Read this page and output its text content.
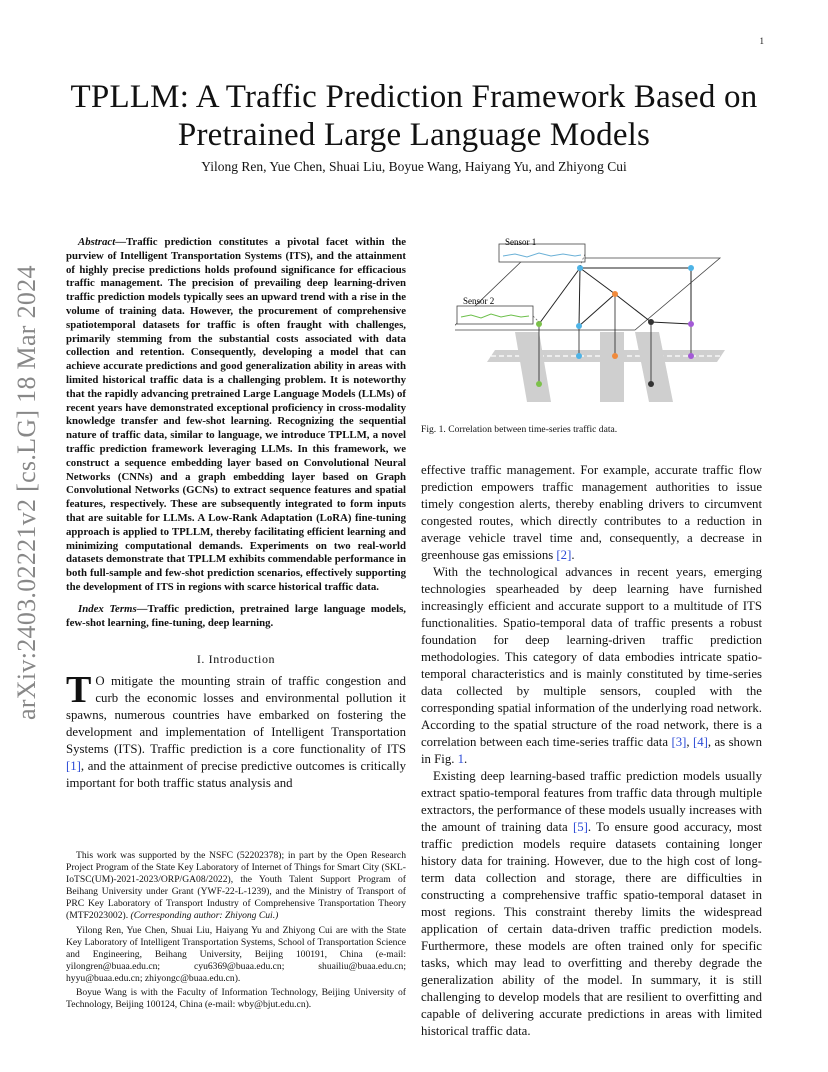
1
arXiv:2403.02221v2 [cs.LG] 18 Mar 2024
TPLLM: A Traffic Prediction Framework Based on Pretrained Large Language Models
Yilong Ren, Yue Chen, Shuai Liu, Boyue Wang, Haiyang Yu, and Zhiyong Cui

Abstract—Traffic prediction constitutes a pivotal facet within the purview of Intelligent Transportation Systems (ITS), and the attainment of highly precise predictions holds profound significance for efficacious traffic management. The precision of prevailing deep learning-driven traffic prediction models typically sees an upward trend with a rise in the volume of training data. However, the procurement of comprehensive spatiotemporal datasets for traffic is often fraught with challenges, primarily stemming from the substantial costs associated with data collection and retention. Consequently, developing a model that can achieve accurate predictions and good generalization ability in areas with limited historical traffic data is a challenging problem. It is noteworthy that the rapidly advancing pretrained Large Language Models (LLMs) of recent years have demonstrated exceptional proficiency in cross-modality knowledge transfer and few-shot learning. Recognizing the sequential nature of traffic data, similar to language, we introduce TPLLM, a novel traffic prediction framework leveraging LLMs. In this framework, we construct a sequence embedding layer based on Convolutional Neural Networks (CNNs) and a graph embedding layer based on Graph Convolutional Networks (GCNs) to extract sequence features and spatial features, respectively. These are subsequently integrated to form inputs that are suitable for LLMs. A Low-Rank Adaptation (LoRA) fine-tuning approach is applied to TPLLM, thereby facilitating efficient learning and minimizing computational demands. Experiments on two real-world datasets demonstrate that TPLLM exhibits commendable performance in both full-sample and few-shot prediction scenarios, effectively supporting the development of ITS in regions with scarce historical traffic data.

Index Terms—Traffic prediction, pretrained large language models, few-shot learning, fine-tuning, deep learning.

I. Introduction

T O mitigate the mounting strain of traffic congestion and curb the economic losses and environmental pollution it spawns, numerous countries have embarked on fostering the development and implementation of Intelligent Transportation Systems (ITS). Traffic prediction is a core functionality of ITS [1], and the attainment of precise predictive outcomes is critically important for both traffic status analysis and

This work was supported by the NSFC (52202378); in part by the Open Research Project Program of the State Key Laboratory of Internet of Things for Smart City (SKL-IoTSC(UM)-2021-2023/ORP/GA08/2022), the Youth Talent Support Program of Beihang University under Grant (YWF-22-L-1239), and the Ministry of Transport of PRC Key Laboratory of Transport Industry of Comprehensive Transportation Theory (MTF2023002). (Corresponding author: Zhiyong Cui.)

Yilong Ren, Yue Chen, Shuai Liu, Haiyang Yu and Zhiyong Cui are with the State Key Laboratory of Intelligent Transportation Systems, School of Transportation Science and Engineering, Beihang University, Beijing 100191, China (e-mail: yilongren@buaa.edu.cn; cyu6369@buaa.edu.cn; shuailiu@buaa.edu.cn; hyyu@buaa.edu.cn; zhiyongc@buaa.edu.cn).

Boyue Wang is with the Faculty of Information Technology, Beijing University of Technology, Beijing 100124, China (e-mail: wby@bjut.edu.cn).

Sensor 1
Sensor 2
Fig. 1. Correlation between time-series traffic data.

effective traffic management. For example, accurate traffic flow prediction empowers traffic management authorities to issue timely congestion alerts, thereby enabling drivers to circumvent congested routes, which directly contributes to a reduction in average vehicle travel time and, consequently, a decrease in greenhouse gas emissions [2].

With the technological advances in recent years, emerging technologies spearheaded by deep learning have furnished increasingly efficient and accurate support to a multitude of ITS functionalities. Spatio-temporal data of traffic presents a robust foundation for deep learning-driven traffic prediction methodologies. This category of data embodies intricate spatio-temporal characteristics and is mainly constituted by time-series data collected by multiple sensors, coupled with the corresponding spatial information of the underlying road network. According to the spatial structure of the road network, there is a correlation between each time-series traffic data [3], [4], as shown in Fig. 1.

Existing deep learning-based traffic prediction models usually extract spatio-temporal features from traffic data through multiple extractors, the performance of these models usually increases with the amount of training data [5]. To ensure good accuracy, most traffic prediction models require datasets containing longer history data for training. However, due to the high cost of long-term data collection and storage, there are difficulties in constructing a comprehensive traffic spatio-temporal dataset in most regions. This constraint thereby limits the widespread application of certain data-driven traffic prediction models. Furthermore, these models are often trained only for specific tasks, which may lead to overfitting and thereby degrade the generalization ability of the model. In summary, it is still challenging to develop models that are resilient to overfitting and capable of delivering accurate predictions in areas with limited historical traffic data.
